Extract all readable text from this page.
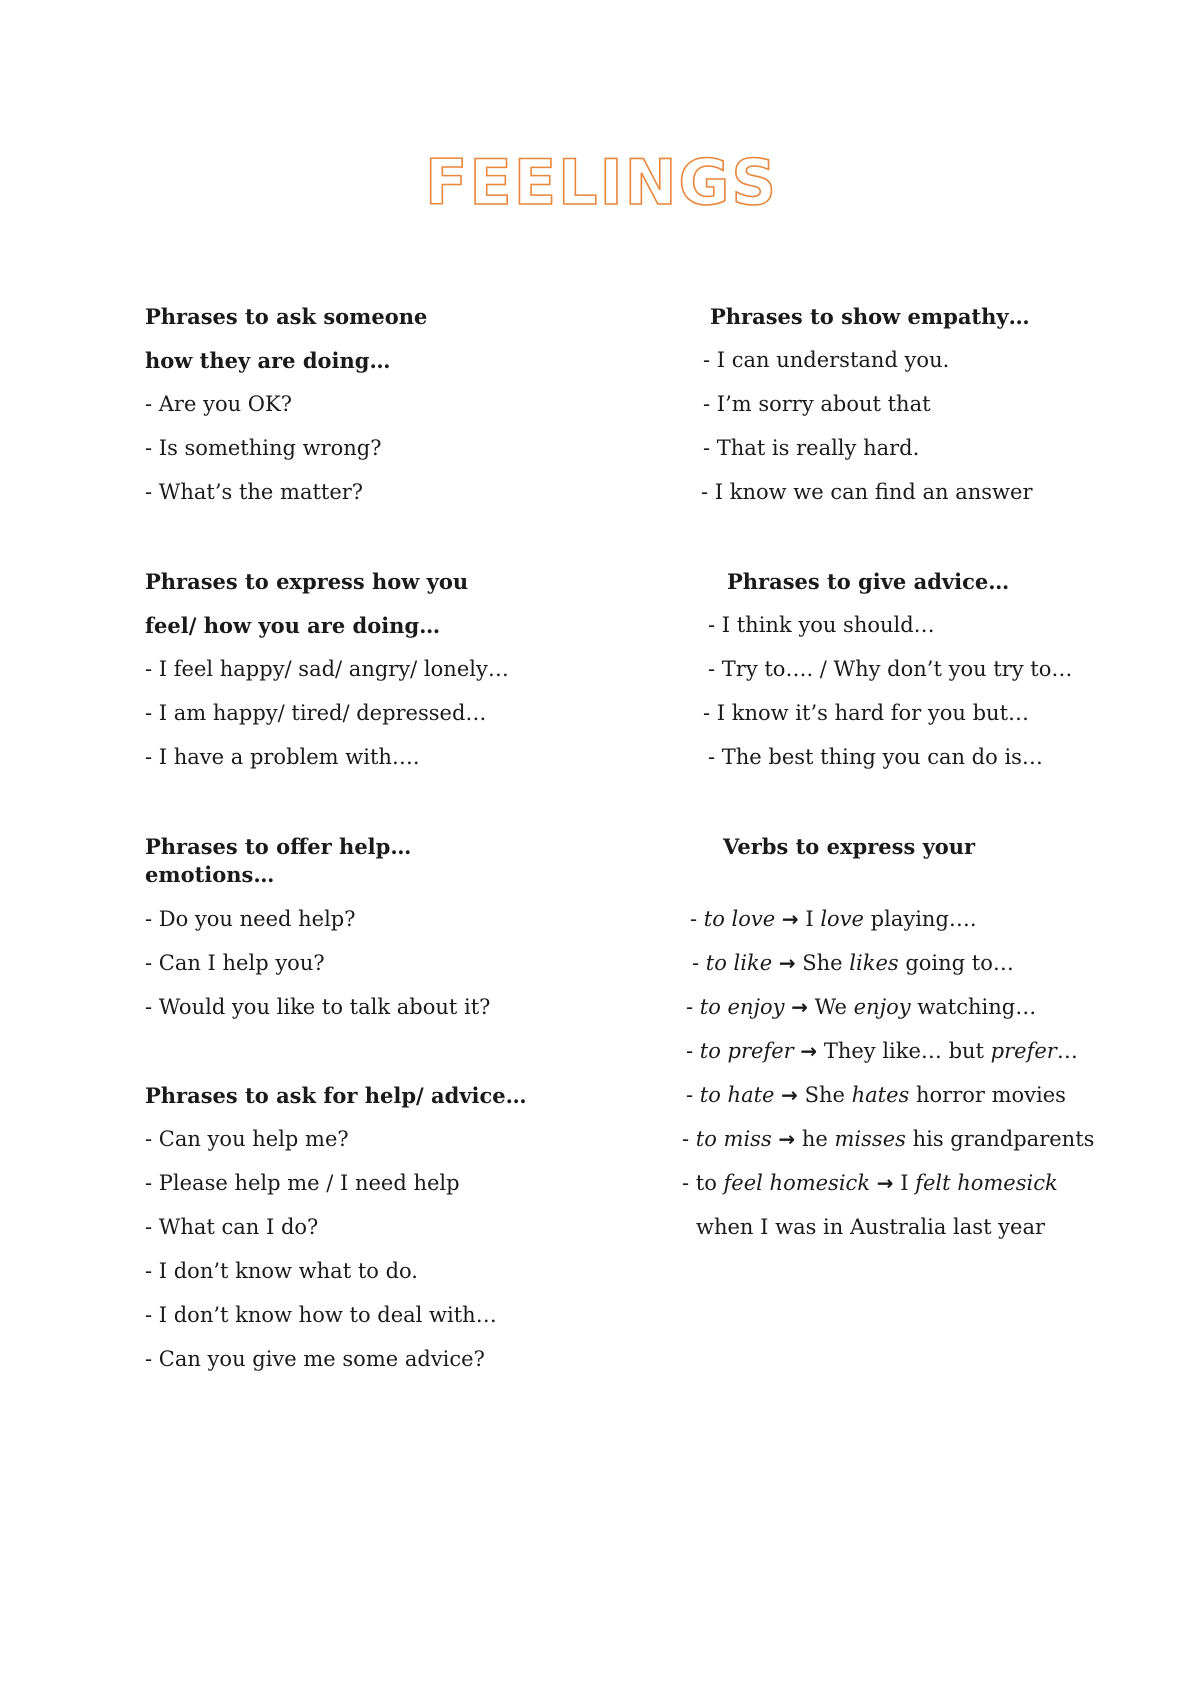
FEELINGS
Phrases to ask someone
how they are doing…
- Are you OK?
- Is something wrong?
- What’s the matter?
Phrases to show empathy…
- I can understand you.
- I’m sorry about that
- That is really hard.
- I know we can find an answer
Phrases to express how you
feel/ how you are doing…
- I feel happy/ sad/ angry/ lonely…
- I am happy/ tired/ depressed…
- I have a problem with….
Phrases to give advice…
- I think you should…
- Try to…. / Why don’t you try to…
- I know it’s hard for you but…
- The best thing you can do is…
Phrases to offer help…
emotions…
- Do you need help?
- Can I help you?
- Would you like to talk about it?
Verbs to express your
- to love → I love playing….
- to like → She likes going to…
- to enjoy → We enjoy watching…
- to prefer → They like… but prefer…
- to hate → She hates horror movies
- to miss → he misses his grandparents
- to feel homesick → I felt homesick
when I was in Australia last year
Phrases to ask for help/ advice…
- Can you help me?
- Please help me / I need help
- What can I do?
- I don’t know what to do.
- I don’t know how to deal with…
- Can you give me some advice?
